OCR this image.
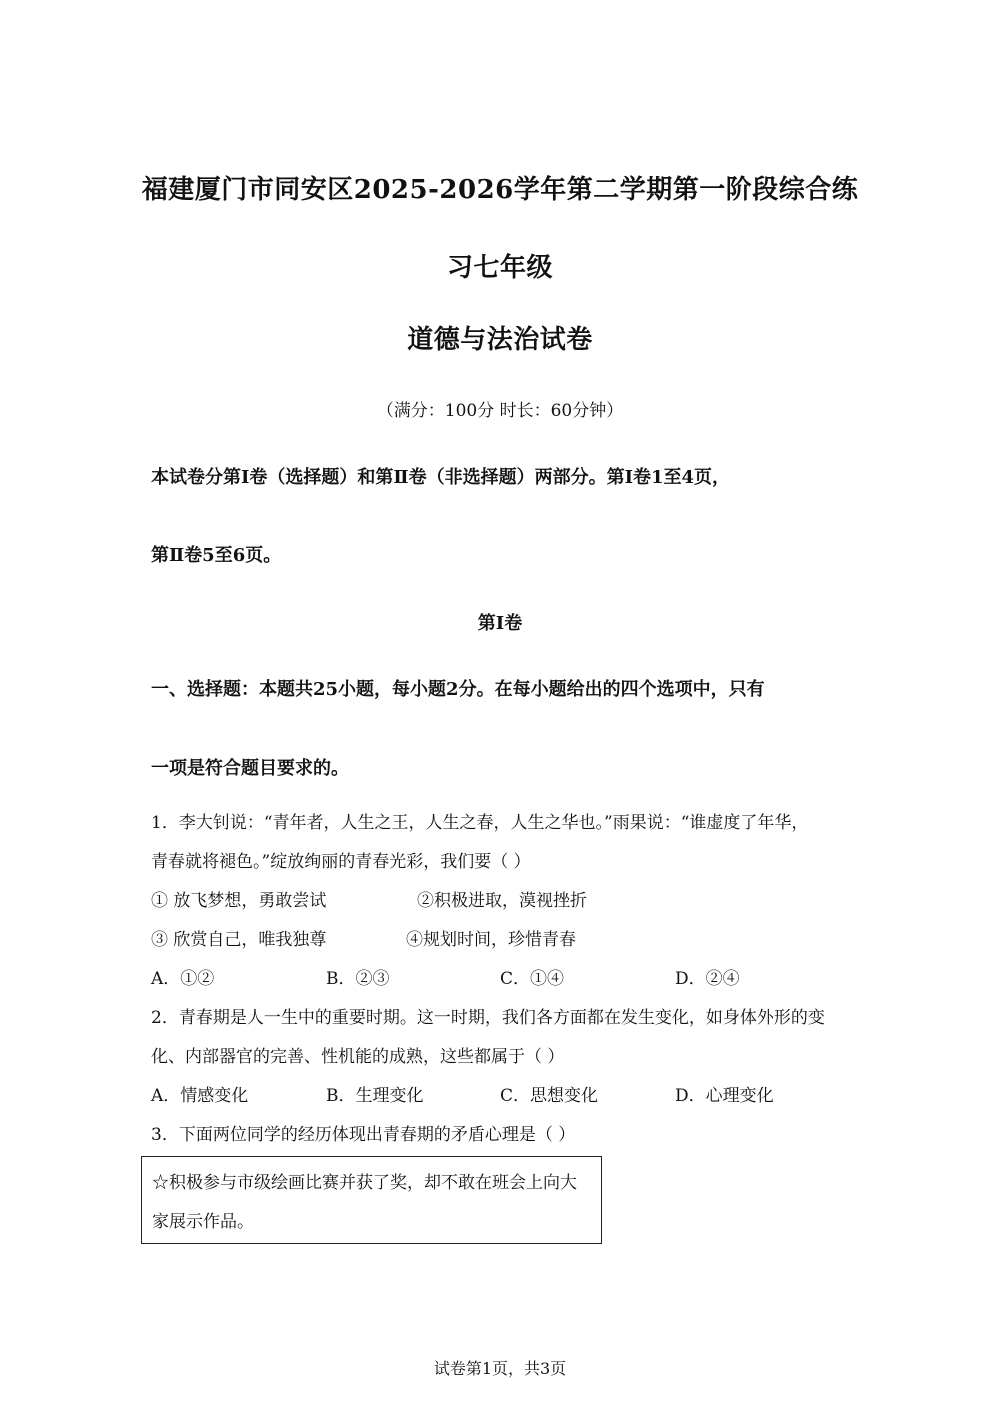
福建厦门市同安区2025-2026学年第二学期第一阶段综合练
习七年级
道德与法治试卷
（满分：100分 时长：60分钟）
本试卷分第Ⅰ卷（选择题）和第Ⅱ卷（非选择题）两部分。第Ⅰ卷1至4页，
第Ⅱ卷5至6页。
第Ⅰ卷
一、选择题：本题共25小题，每小题2分。在每小题给出的四个选项中，只有
一项是符合题目要求的。
1．李大钊说：“青年者，人生之王，人生之春，人生之华也。”雨果说：“谁虚度了年华，
青春就将褪色。”绽放绚丽的青春光彩，我们要（ ）
① 放飞梦想，勇敢尝试	②积极进取，漠视挫折
③ 欣赏自己，唯我独尊	④规划时间，珍惜青春
A．①②	B．②③	C．①④	D．②④
2．青春期是人一生中的重要时期。这一时期，我们各方面都在发生变化，如身体外形的变
化、内部器官的完善、性机能的成熟，这些都属于（ ）
A．情感变化	B．生理变化	C．思想变化	D．心理变化
3．下面两位同学的经历体现出青春期的矛盾心理是（ ）
☆积极参与市级绘画比赛并获了奖，却不敢在班会上向大
家展示作品。
试卷第1页，共3页
